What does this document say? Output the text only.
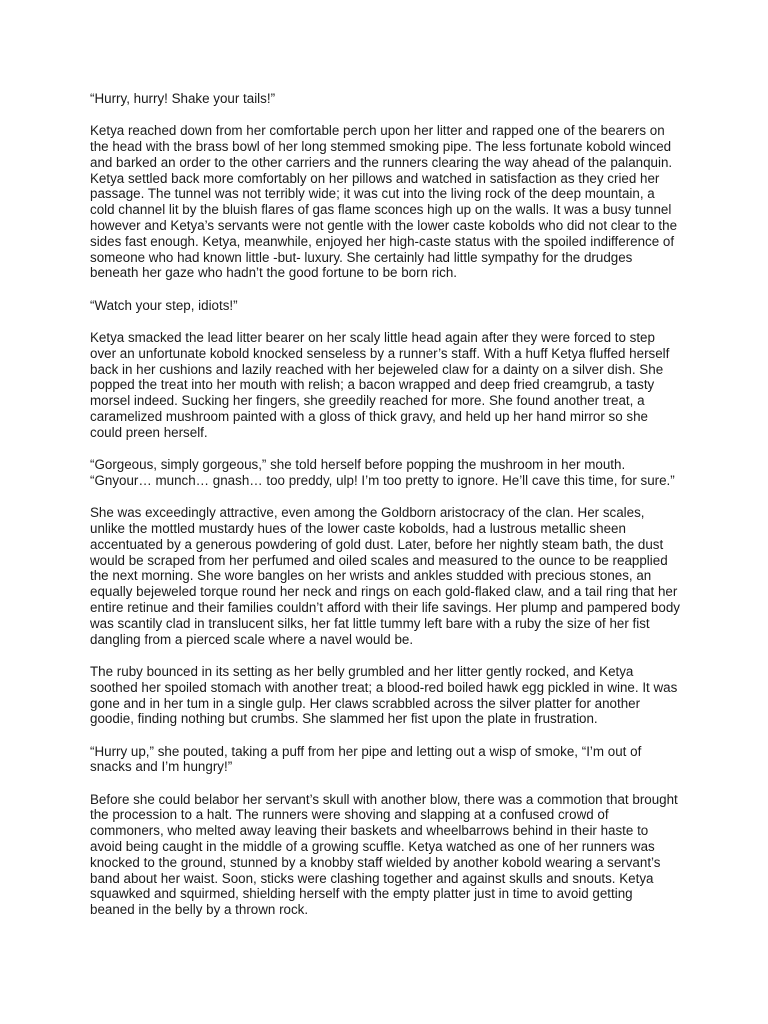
“Hurry, hurry! Shake your tails!”

Ketya reached down from her comfortable perch upon her litter and rapped one of the bearers on the head with the brass bowl of her long stemmed smoking pipe. The less fortunate kobold winced and barked an order to the other carriers and the runners clearing the way ahead of the palanquin. Ketya settled back more comfortably on her pillows and watched in satisfaction as they cried her passage. The tunnel was not terribly wide; it was cut into the living rock of the deep mountain, a cold channel lit by the bluish flares of gas flame sconces high up on the walls. It was a busy tunnel however and Ketya’s servants were not gentle with the lower caste kobolds who did not clear to the sides fast enough. Ketya, meanwhile, enjoyed her high-caste status with the spoiled indifference of someone who had known little -but- luxury. She certainly had little sympathy for the drudges beneath her gaze who hadn’t the good fortune to be born rich.

“Watch your step, idiots!”

Ketya smacked the lead litter bearer on her scaly little head again after they were forced to step over an unfortunate kobold knocked senseless by a runner’s staff. With a huff Ketya fluffed herself back in her cushions and lazily reached with her bejeweled claw for a dainty on a silver dish. She popped the treat into her mouth with relish; a bacon wrapped and deep fried creamgrub, a tasty morsel indeed. Sucking her fingers, she greedily reached for more. She found another treat, a caramelized mushroom painted with a gloss of thick gravy, and held up her hand mirror so she could preen herself.

“Gorgeous, simply gorgeous,” she told herself before popping the mushroom in her mouth. “Gnyour… munch… gnash… too preddy, ulp! I’m too pretty to ignore. He’ll cave this time, for sure.”

She was exceedingly attractive, even among the Goldborn aristocracy of the clan. Her scales, unlike the mottled mustardy hues of the lower caste kobolds, had a lustrous metallic sheen accentuated by a generous powdering of gold dust. Later, before her nightly steam bath, the dust would be scraped from her perfumed and oiled scales and measured to the ounce to be reapplied the next morning. She wore bangles on her wrists and ankles studded with precious stones, an equally bejeweled torque round her neck and rings on each gold-flaked claw, and a tail ring that her entire retinue and their families couldn’t afford with their life savings. Her plump and pampered body was scantily clad in translucent silks, her fat little tummy left bare with a ruby the size of her fist dangling from a pierced scale where a navel would be.

The ruby bounced in its setting as her belly grumbled and her litter gently rocked, and Ketya soothed her spoiled stomach with another treat; a blood-red boiled hawk egg pickled in wine. It was gone and in her tum in a single gulp. Her claws scrabbled across the silver platter for another goodie, finding nothing but crumbs. She slammed her fist upon the plate in frustration.

“Hurry up,” she pouted, taking a puff from her pipe and letting out a wisp of smoke, “I’m out of snacks and I’m hungry!”

Before she could belabor her servant’s skull with another blow, there was a commotion that brought the procession to a halt. The runners were shoving and slapping at a confused crowd of commoners, who melted away leaving their baskets and wheelbarrows behind in their haste to avoid being caught in the middle of a growing scuffle. Ketya watched as one of her runners was knocked to the ground, stunned by a knobby staff wielded by another kobold wearing a servant’s band about her waist. Soon, sticks were clashing together and against skulls and snouts. Ketya squawked and squirmed, shielding herself with the empty platter just in time to avoid getting beaned in the belly by a thrown rock.
